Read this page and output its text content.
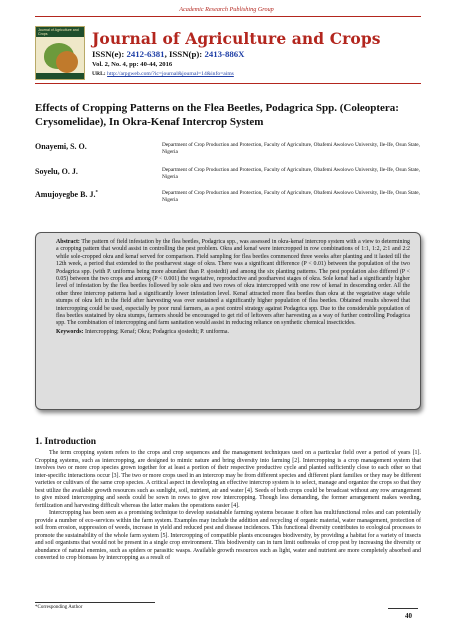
Academic Research Publishing Group
Journal of Agriculture and Crops	Journal of Agriculture and Crops
ISSN(e): 2412-6381, ISSN(p): 2413-886X
Vol. 2, No. 4, pp: 40-44, 2016
URL: http://arpgweb.com/?ic=journal&journal=14&info=aims
Effects of Cropping Patterns on the Flea Beetles, Podagrica Spp. (Coleoptera: Crysomelidae), In Okra-Kenaf Intercrop System
Onayemi, S. O.	Department of Crop Production and Protection, Faculty of Agriculture, Obafemi Awolowo University, Ile-Ife, Osun State, Nigeria
Soyelu, O. J.	Department of Crop Production and Protection, Faculty of Agriculture, Obafemi Awolowo University, Ile-Ife, Osun State, Nigeria
Amujoyegbe B. J.*	Department of Crop Production and Protection, Faculty of Agriculture, Obafemi Awolowo University, Ile-Ife, Osun State, Nigeria
Abstract: The pattern of field infestation by the flea beetles, Podagrica spp., was assessed in okra-kenaf intercrop system with a view to determining a cropping pattern that would assist in controlling the pest problem. Okra and kenaf were intercropped in row combinations of 1:1, 1:2, 2:1 and 2:2 while sole-cropped okra and kenaf served for comparison. Field sampling for flea beetles commenced three weeks after planting and it lasted till the 12th week, a period that extended to the postharvest stage of okra. There was a significant difference (P < 0.01) between the population of the two Podagrica spp. (with P. uniforma being more abundant than P. sjostedti) and among the six planting patterns. The pest population also differed (P < 0.05) between the two crops and among (P < 0.001) the vegetative, reproductive and postharvest stages of okra. Sole kenaf had a significantly higher level of infestation by the flea beetles followed by sole okra and two rows of okra intercropped with one row of kenaf in descending order. All the other three intercrop patterns had a significantly lower infestation level. Kenaf attracted more flea beetles than okra at the vegetative stage while stumps of okra left in the field after harvesting was over sustained a significantly higher population of flea beetles. Obtained results showed that intercropping could be used, especially by poor rural farmers, as a pest control strategy against Podagrica spp. Due to the considerable population of flea beetles sustained by okra stumps, farmers should be encouraged to get rid of leftovers after harvesting as a way of further controlling Podagrica spp. The combination of intercropping and farm sanitation would assist in reducing reliance on synthetic chemical insecticides.
Keywords: Intercropping; Kenaf; Okra; Podagrica sjostedti; P. uniforma.
1. Introduction

The term cropping system refers to the crops and crop sequences and the management techniques used on a particular field over a period of years [1]. Cropping systems, such as intercropping, are designed to mimic nature and bring diversity into farming [2]. Intercropping is a crop management system that involves two or more crop species grown together for at least a portion of their respective productive cycle and planted sufficiently close to each other so that inter-specific interactions occur [3]. The two or more crops used in an intercrop may be from different species and different plant families or they may be different varieties or cultivars of the same crop species. A critical aspect in developing an effective intercrop system is to select, manage and organize the crops so that they best utilize the available growth resources such as sunlight, soil, nutrient, air and water [4]. Seeds of both crops could be broadcast without any row arrangement to give mixed intercropping and seeds could be sown in rows to give row intercropping. Though less demanding, the former arrangement makes weeding, fertilization and harvesting difficult whereas the latter makes the operations easier [4].

Intercropping has been seen as a promising technique to develop sustainable farming systems because it often has multifunctional roles and can potentially provide a number of eco-services within the farm system. Examples may include the addition and recycling of organic material, water management, protection of soil from erosion, suppression of weeds, increase in yield and reduced pest and disease incidences. This functional diversity contributes to ecological processes to promote the sustainability of the whole farm system [5]. Intercropping of compatible plants encourages biodiversity, by providing a habitat for a variety of insects and soil organisms that would not be present in a single crop environment. This biodiversity can in turn limit outbreaks of crop pest by increasing the diversity or abundance of natural enemies, such as spiders or parasitic wasps. Available growth resources such as light, water and nutrient are more completely absorbed and converted to crop biomass by intercropping as a result of

*Corresponding Author
40
